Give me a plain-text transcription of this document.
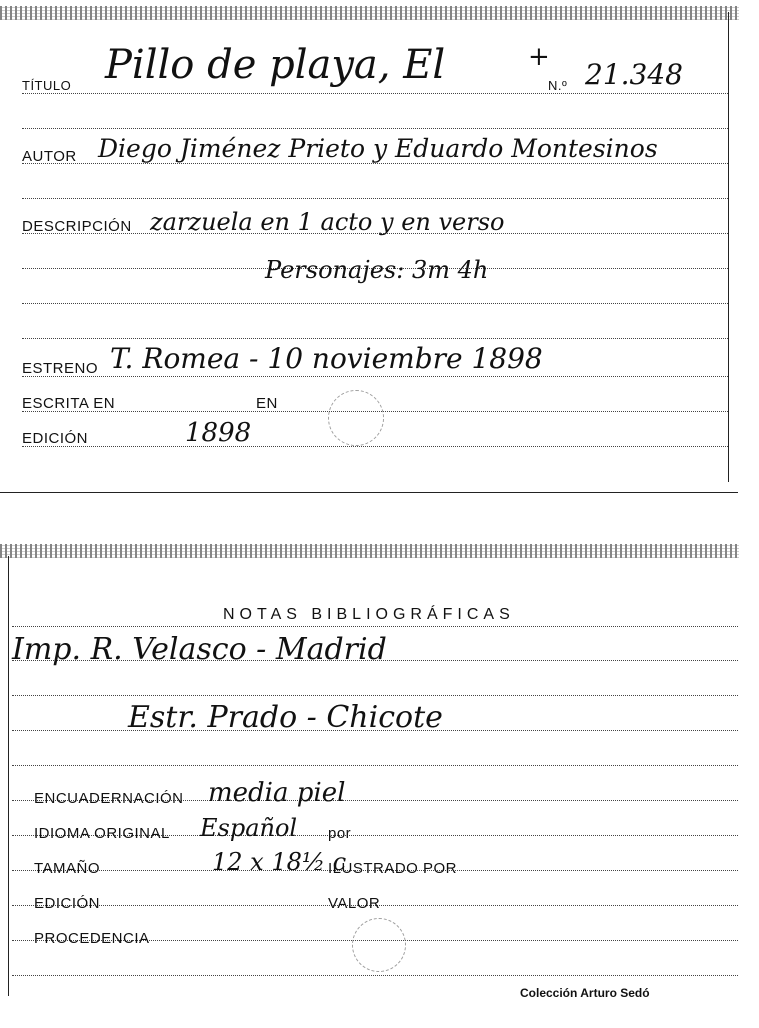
TÍTULO Pillo de playa, El	+
N.º 21.348
AUTOR Diego Jiménez Prieto y Eduardo Montesinos
DESCRIPCIÓN zarzuela en 1 acto y en verso
Personajes: 3m 4h
ESTRENO T. Romea - 10 noviembre 1898
ESCRITA EN	EN
EDICIÓN	1898
NOTAS BIBLIOGRÁFICAS
Imp. R. Velasco - Madrid
Estr. Prado - Chicote
ENCUADERNACIÓN media piel
IDIOMA ORIGINAL Español por
TAMAÑO	12 x 18½ c
ILUSTRADO POR
EDICIÓN	VALOR
PROCEDENCIA
Colección Arturo Sedó
